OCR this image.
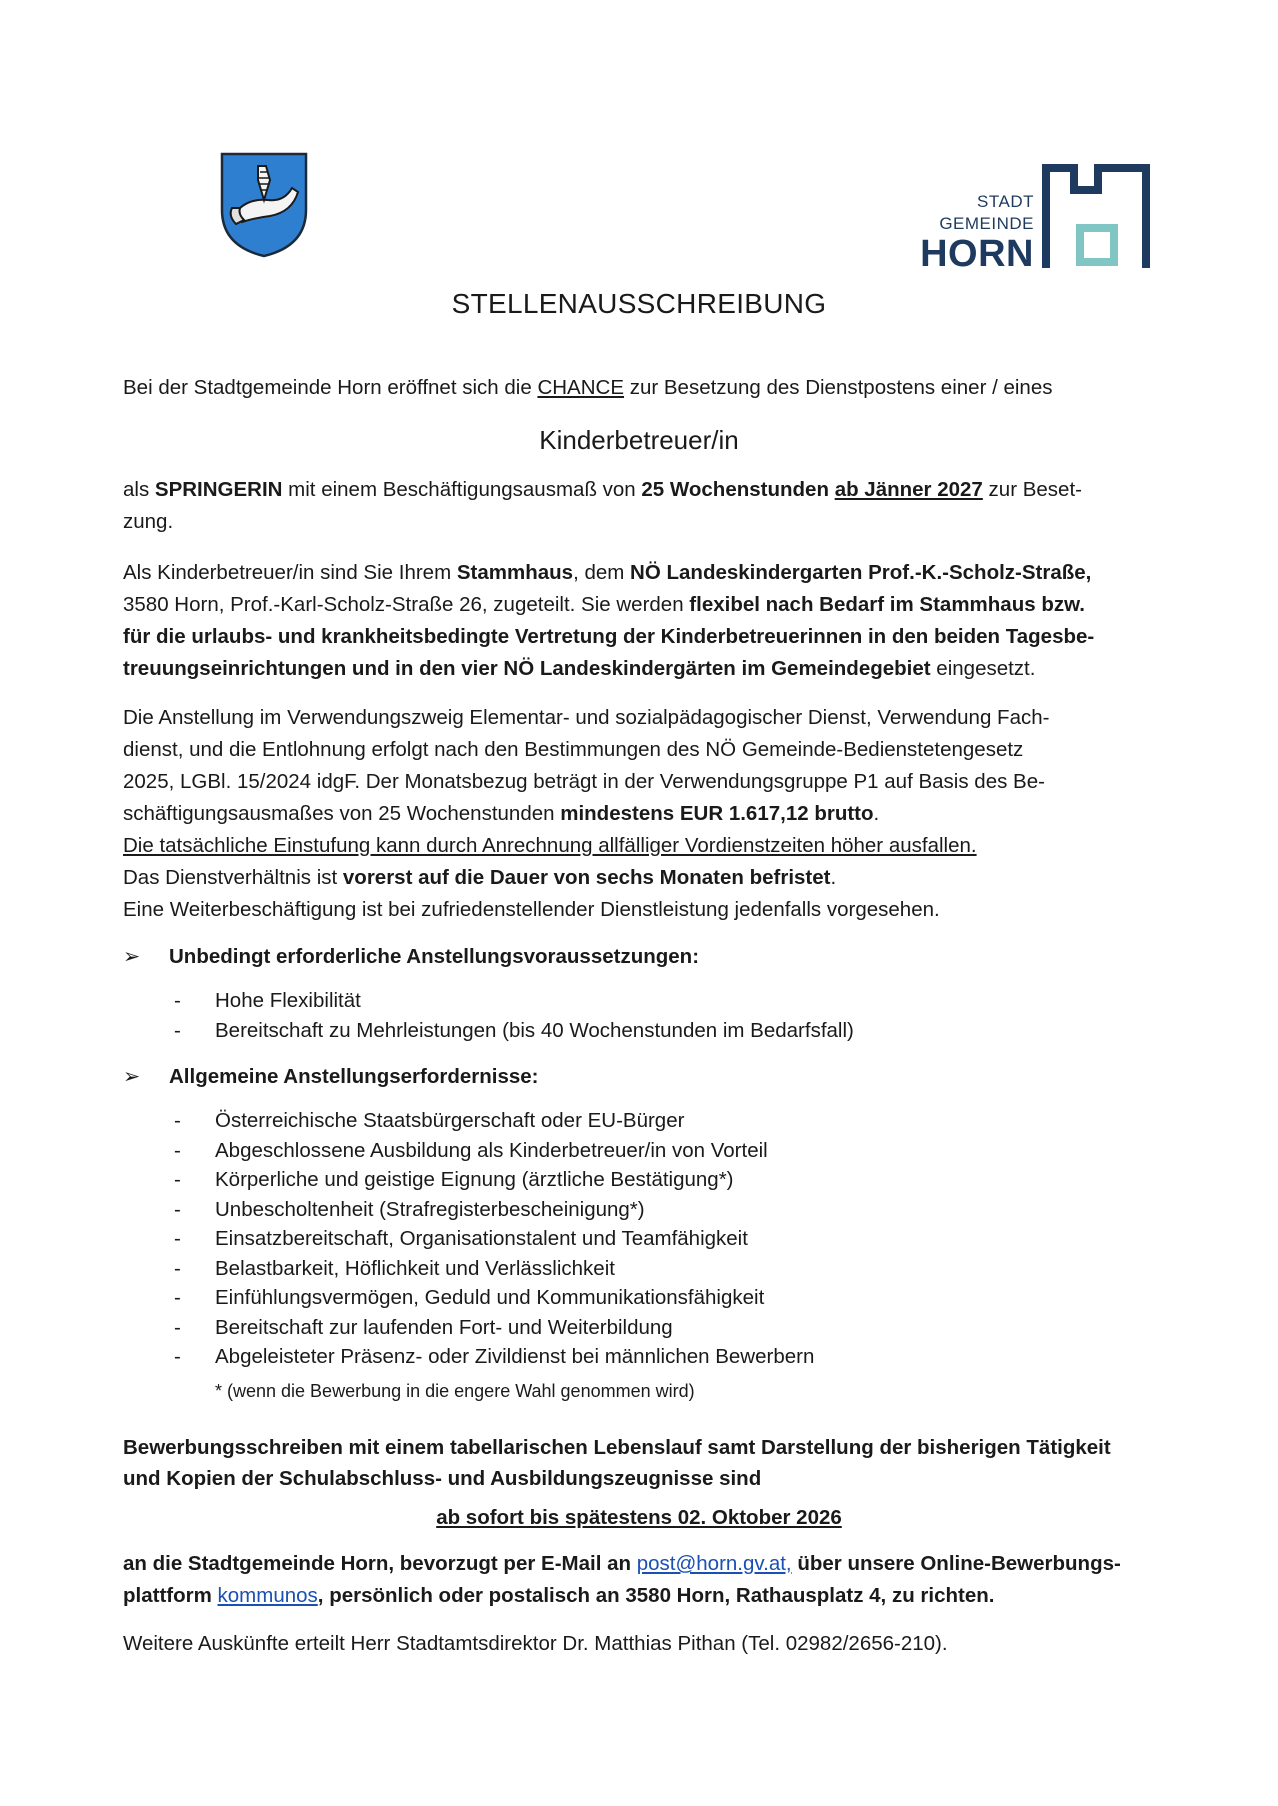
STADT
GEMEINDE
HORN
STELLENAUSSCHREIBUNG
Bei der Stadtgemeinde Horn eröffnet sich die CHANCE zur Besetzung des Dienstpostens einer / eines
Kinderbetreuer/in
als SPRINGERIN mit einem Beschäftigungsausmaß von 25 Wochenstunden ab Jänner 2027 zur Beset-
zung.
Als Kinderbetreuer/in sind Sie Ihrem Stammhaus, dem NÖ Landeskindergarten Prof.-K.-Scholz-Straße,
3580 Horn, Prof.-Karl-Scholz-Straße 26, zugeteilt. Sie werden flexibel nach Bedarf im Stammhaus bzw.
für die urlaubs- und krankheitsbedingte Vertretung der Kinderbetreuerinnen in den beiden Tagesbe-
treuungseinrichtungen und in den vier NÖ Landeskindergärten im Gemeindegebiet eingesetzt.
Die Anstellung im Verwendungszweig Elementar- und sozialpädagogischer Dienst, Verwendung Fach-
dienst, und die Entlohnung erfolgt nach den Bestimmungen des NÖ Gemeinde-Bedienstetengesetz
2025, LGBl. 15/2024 idgF. Der Monatsbezug beträgt in der Verwendungsgruppe P1 auf Basis des Be-
schäftigungsausmaßes von 25 Wochenstunden mindestens EUR 1.617,12 brutto.
Die tatsächliche Einstufung kann durch Anrechnung allfälliger Vordienstzeiten höher ausfallen.
Das Dienstverhältnis ist vorerst auf die Dauer von sechs Monaten befristet.
Eine Weiterbeschäftigung ist bei zufriedenstellender Dienstleistung jedenfalls vorgesehen.
➢ Unbedingt erforderliche Anstellungsvoraussetzungen:
- Hohe Flexibilität
- Bereitschaft zu Mehrleistungen (bis 40 Wochenstunden im Bedarfsfall)
➢ Allgemeine Anstellungserfordernisse:
- Österreichische Staatsbürgerschaft oder EU-Bürger
- Abgeschlossene Ausbildung als Kinderbetreuer/in von Vorteil
- Körperliche und geistige Eignung (ärztliche Bestätigung*)
- Unbescholtenheit (Strafregisterbescheinigung*)
- Einsatzbereitschaft, Organisationstalent und Teamfähigkeit
- Belastbarkeit, Höflichkeit und Verlässlichkeit
- Einfühlungsvermögen, Geduld und Kommunikationsfähigkeit
- Bereitschaft zur laufenden Fort- und Weiterbildung
- Abgeleisteter Präsenz- oder Zivildienst bei männlichen Bewerbern
* (wenn die Bewerbung in die engere Wahl genommen wird)
Bewerbungsschreiben mit einem tabellarischen Lebenslauf samt Darstellung der bisherigen Tätigkeit
und Kopien der Schulabschluss- und Ausbildungszeugnisse sind
ab sofort bis spätestens 02. Oktober 2026
an die Stadtgemeinde Horn, bevorzugt per E-Mail an post@horn.gv.at, über unsere Online-Bewerbungs-
plattform kommunos, persönlich oder postalisch an 3580 Horn, Rathausplatz 4, zu richten.
Weitere Auskünfte erteilt Herr Stadtamtsdirektor Dr. Matthias Pithan (Tel. 02982/2656-210).
